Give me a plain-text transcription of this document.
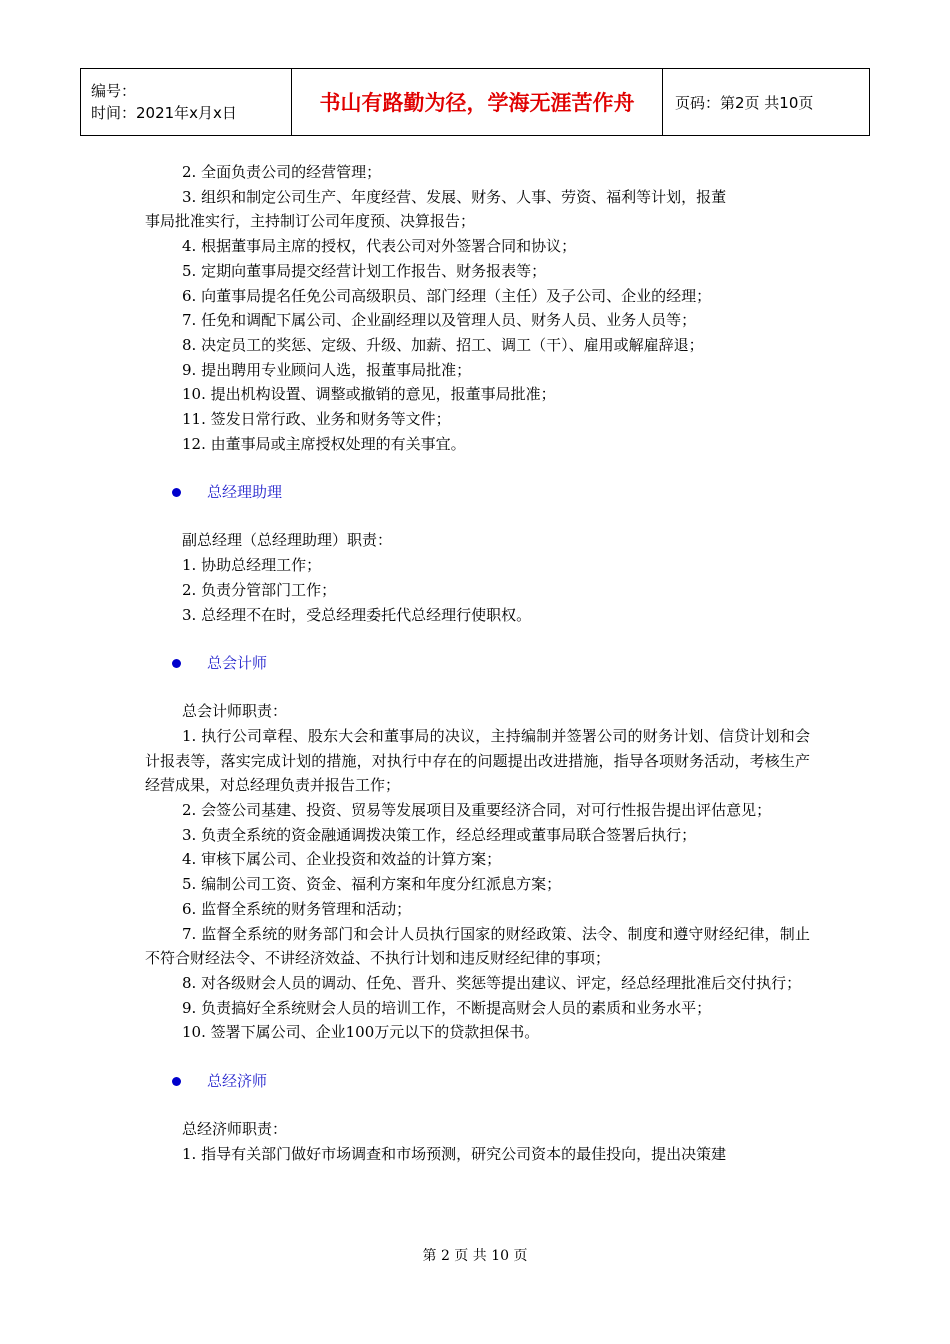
编号：
时间：2021年x月x日	书山有路勤为径，学海无涯苦作舟	页码：第2页 共10页
2. 全面负责公司的经营管理；
3. 组织和制定公司生产、年度经营、发展、财务、人事、劳资、福利等计划，报董
事局批准实行，主持制订公司年度预、决算报告；
4. 根据董事局主席的授权，代表公司对外签署合同和协议；
5. 定期向董事局提交经营计划工作报告、财务报表等；
6. 向董事局提名任免公司高级职员、部门经理（主任）及子公司、企业的经理；
7. 任免和调配下属公司、企业副经理以及管理人员、财务人员、业务人员等；
8. 决定员工的奖惩、定级、升级、加薪、招工、调工（干）、雇用或解雇辞退；
9. 提出聘用专业顾问人选，报董事局批准；
10. 提出机构设置、调整或撤销的意见，报董事局批准；
11. 签发日常行政、业务和财务等文件；
12. 由董事局或主席授权处理的有关事宜。
总经理助理
副总经理（总经理助理）职责：
1. 协助总经理工作；
2. 负责分管部门工作；
3. 总经理不在时，受总经理委托代总经理行使职权。
总会计师
总会计师职责：
1. 执行公司章程、股东大会和董事局的决议，主持编制并签署公司的财务计划、信贷计划和会计报表等，落实完成计划的措施，对执行中存在的问题提出改进措施，指导各项财务活动，考核生产经营成果，对总经理负责并报告工作；
2. 会签公司基建、投资、贸易等发展项目及重要经济合同，对可行性报告提出评估意见；
3. 负责全系统的资金融通调拨决策工作，经总经理或董事局联合签署后执行；
4. 审核下属公司、企业投资和效益的计算方案；
5. 编制公司工资、资金、福利方案和年度分红派息方案；
6. 监督全系统的财务管理和活动；
7. 监督全系统的财务部门和会计人员执行国家的财经政策、法令、制度和遵守财经纪律，制止不符合财经法令、不讲经济效益、不执行计划和违反财经纪律的事项；
8. 对各级财会人员的调动、任免、晋升、奖惩等提出建议、评定，经总经理批准后交付执行；
9. 负责搞好全系统财会人员的培训工作，不断提高财会人员的素质和业务水平；
10. 签署下属公司、企业100万元以下的贷款担保书。
总经济师
总经济师职责：
1. 指导有关部门做好市场调查和市场预测，研究公司资本的最佳投向，提出决策建
第 2 页 共 10 页
